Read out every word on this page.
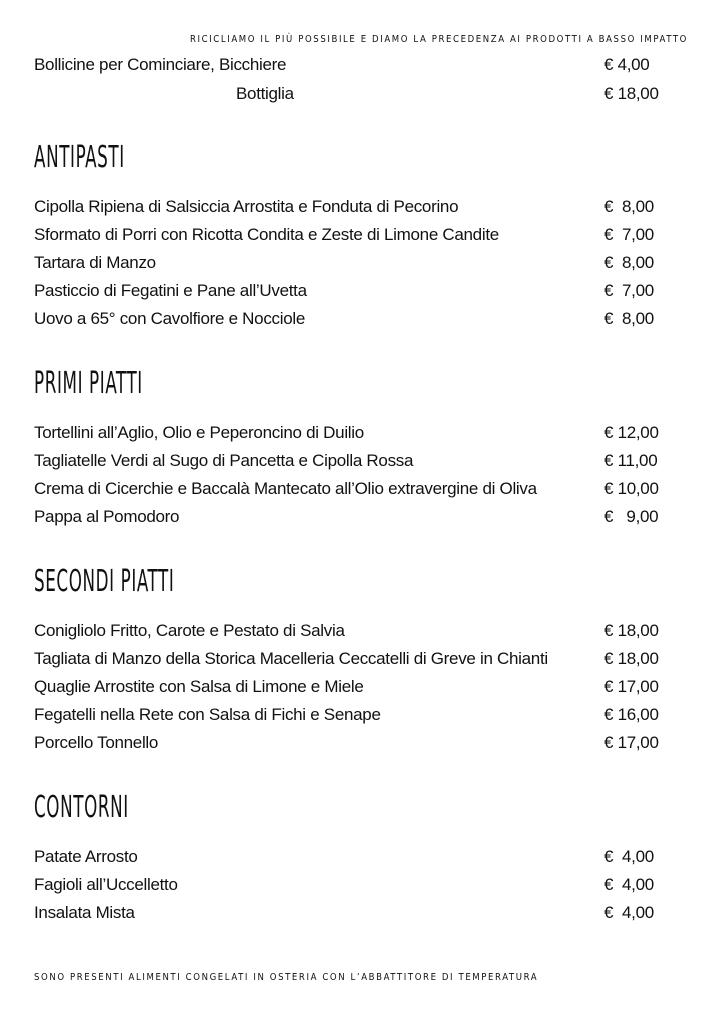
RICICLIAMO IL PIÙ POSSIBILE E DIAMO LA PRECEDENZA AI PRODOTTI A BASSO IMPATTO
Bollicine per Cominciare, Bicchiere	€ 4,00
Bottiglia	€ 18,00
ANTIPASTI
Cipolla Ripiena di Salsiccia Arrostita e Fonduta di Pecorino	€  8,00
Sformato di Porri con Ricotta Condita e Zeste di Limone Candite	€  7,00
Tartara di Manzo	€  8,00
Pasticcio di Fegatini e Pane all’Uvetta	€  7,00
Uovo a 65° con Cavolfiore e Nocciole	€  8,00
PRIMI PIATTI
Tortellini all’Aglio, Olio e Peperoncino di Duilio	€ 12,00
Tagliatelle Verdi al Sugo di Pancetta e Cipolla Rossa	€ 11,00
Crema di Cicerchie e Baccalà Mantecato all’Olio extravergine di Oliva	€ 10,00
Pappa al Pomodoro	€   9,00
SECONDI PIATTI
Conigliolo Fritto, Carote e Pestato di Salvia	€ 18,00
Tagliata di Manzo della Storica Macelleria Ceccatelli di Greve in Chianti	€ 18,00
Quaglie Arrostite con Salsa di Limone e Miele	€ 17,00
Fegatelli nella Rete con Salsa di Fichi e Senape	€ 16,00
Porcello Tonnello	€ 17,00
CONTORNI
Patate Arrosto	€  4,00
Fagioli all’Uccelletto	€  4,00
Insalata Mista	€  4,00
SONO PRESENTI ALIMENTI CONGELATI IN OSTERIA CON L’ABBATTITORE DI TEMPERATURA
